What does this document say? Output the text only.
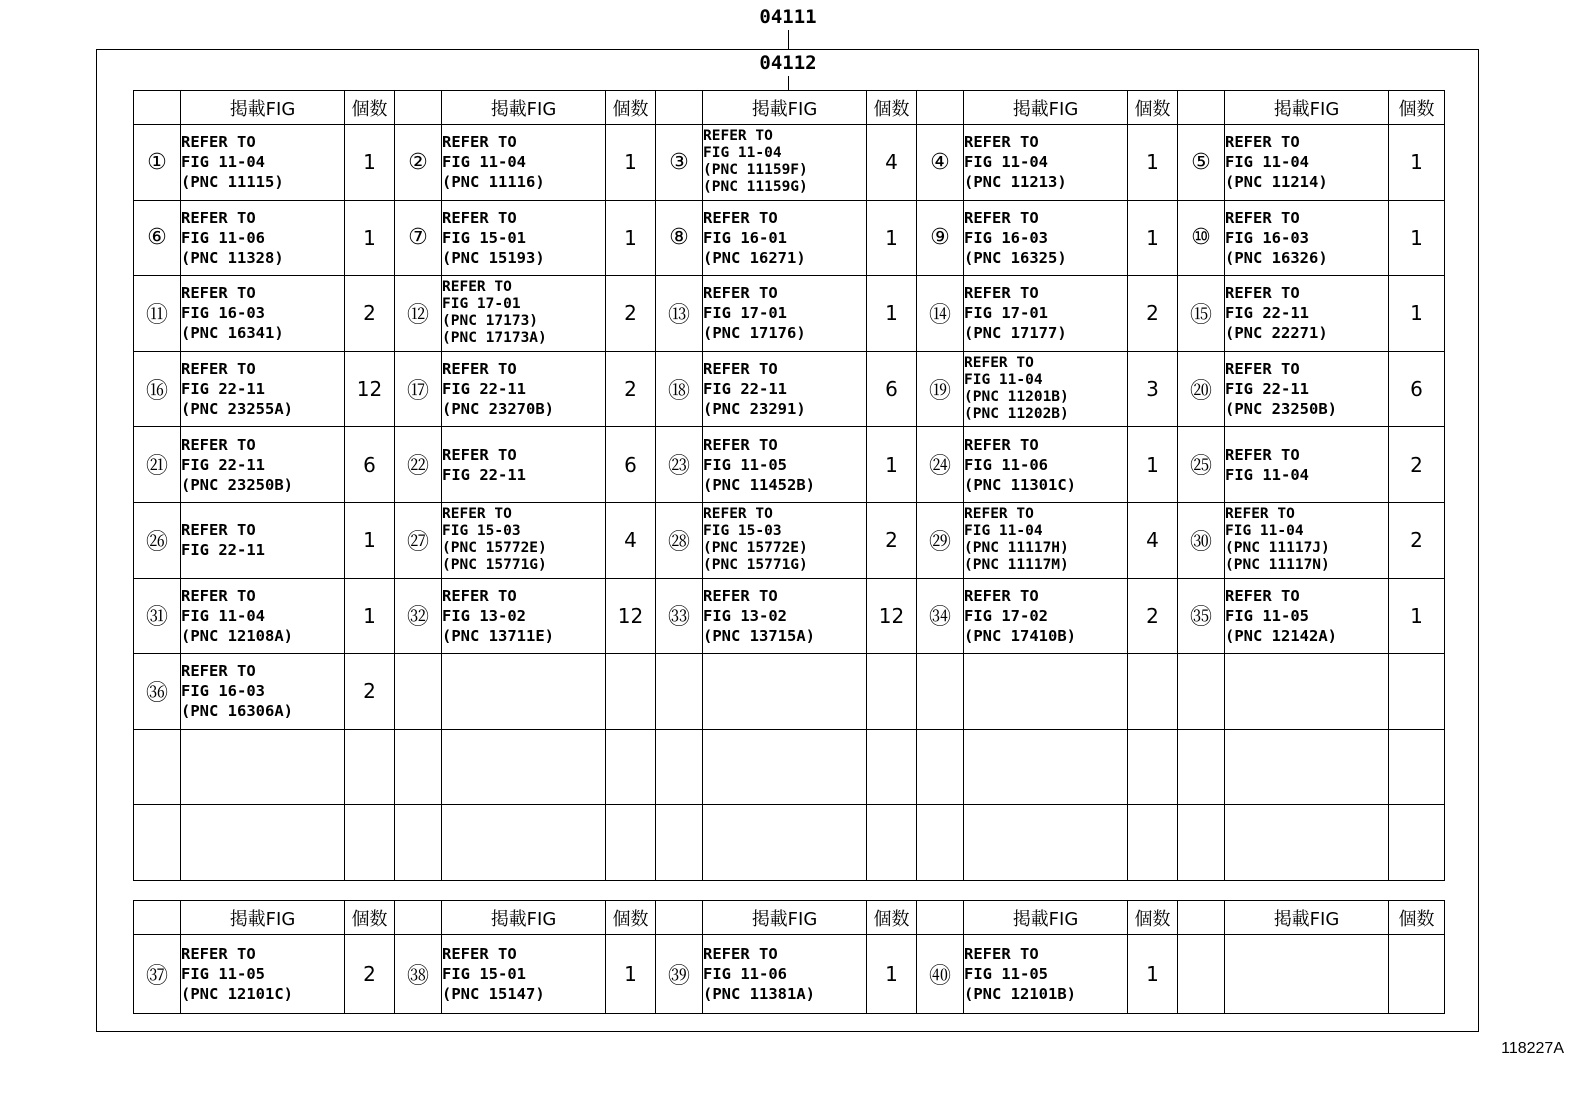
04111
04112
	掲載FIG	個数		掲載FIG	個数		掲載FIG	個数		掲載FIG	個数		掲載FIG	個数
①	REFER TO
FIG 11-04
(PNC 11115)	1	②	REFER TO
FIG 11-04
(PNC 11116)	1	③	REFER TO
FIG 11-04
(PNC 11159F)
(PNC 11159G)	4	④	REFER TO
FIG 11-04
(PNC 11213)	1	⑤	REFER TO
FIG 11-04
(PNC 11214)	1
⑥	REFER TO
FIG 11-06
(PNC 11328)	1	⑦	REFER TO
FIG 15-01
(PNC 15193)	1	⑧	REFER TO
FIG 16-01
(PNC 16271)	1	⑨	REFER TO
FIG 16-03
(PNC 16325)	1	⑩	REFER TO
FIG 16-03
(PNC 16326)	1
⑪	REFER TO
FIG 16-03
(PNC 16341)	2	⑫	REFER TO
FIG 17-01
(PNC 17173)
(PNC 17173A)	2	⑬	REFER TO
FIG 17-01
(PNC 17176)	1	⑭	REFER TO
FIG 17-01
(PNC 17177)	2	⑮	REFER TO
FIG 22-11
(PNC 22271)	1
⑯	REFER TO
FIG 22-11
(PNC 23255A)	12	⑰	REFER TO
FIG 22-11
(PNC 23270B)	2	⑱	REFER TO
FIG 22-11
(PNC 23291)	6	⑲	REFER TO
FIG 11-04
(PNC 11201B)
(PNC 11202B)	3	⑳	REFER TO
FIG 22-11
(PNC 23250B)	6
㉑	REFER TO
FIG 22-11
(PNC 23250B)	6	㉒	REFER TO
FIG 22-11	6	㉓	REFER TO
FIG 11-05
(PNC 11452B)	1	㉔	REFER TO
FIG 11-06
(PNC 11301C)	1	㉕	REFER TO
FIG 11-04	2
㉖	REFER TO
FIG 22-11	1	㉗	REFER TO
FIG 15-03
(PNC 15772E)
(PNC 15771G)	4	㉘	REFER TO
FIG 15-03
(PNC 15772E)
(PNC 15771G)	2	㉙	REFER TO
FIG 11-04
(PNC 11117H)
(PNC 11117M)	4	㉚	REFER TO
FIG 11-04
(PNC 11117J)
(PNC 11117N)	2
㉛	REFER TO
FIG 11-04
(PNC 12108A)	1	㉜	REFER TO
FIG 13-02
(PNC 13711E)	12	㉝	REFER TO
FIG 13-02
(PNC 13715A)	12	㉞	REFER TO
FIG 17-02
(PNC 17410B)	2	㉟	REFER TO
FIG 11-05
(PNC 12142A)	1
㊱	REFER TO
FIG 16-03
(PNC 16306A)	2												

	掲載FIG	個数		掲載FIG	個数		掲載FIG	個数		掲載FIG	個数		掲載FIG	個数
㊲	REFER TO
FIG 11-05
(PNC 12101C)	2	㊳	REFER TO
FIG 15-01
(PNC 15147)	1	㊴	REFER TO
FIG 11-06
(PNC 11381A)	1	㊵	REFER TO
FIG 11-05
(PNC 12101B)	1			
118227A
